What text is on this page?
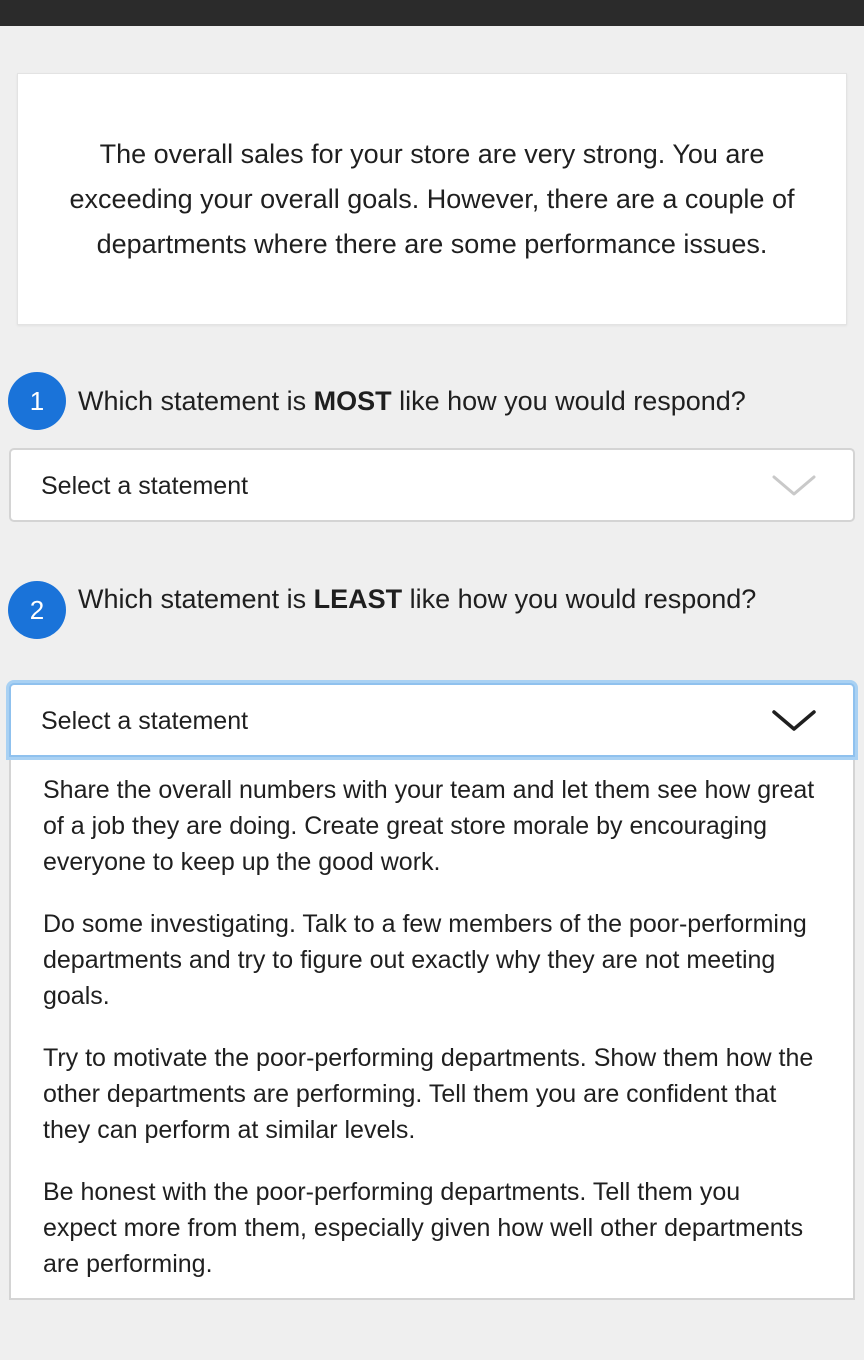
The overall sales for your store are very strong. You are exceeding your overall goals. However, there are a couple of departments where there are some performance issues.

1	Which statement is MOST like how you would respond?
Select a statement
2	Which statement is LEAST like how you would respond?
Select a statement
Share the overall numbers with your team and let them see how great of a job they are doing. Create great store morale by encouraging everyone to keep up the good work.
Do some investigating. Talk to a few members of the poor-performing departments and try to figure out exactly why they are not meeting goals.
Try to motivate the poor-performing departments. Show them how the other departments are performing. Tell them you are confident that they can perform at similar levels.
Be honest with the poor-performing departments. Tell them you expect more from them, especially given how well other departments are performing.
